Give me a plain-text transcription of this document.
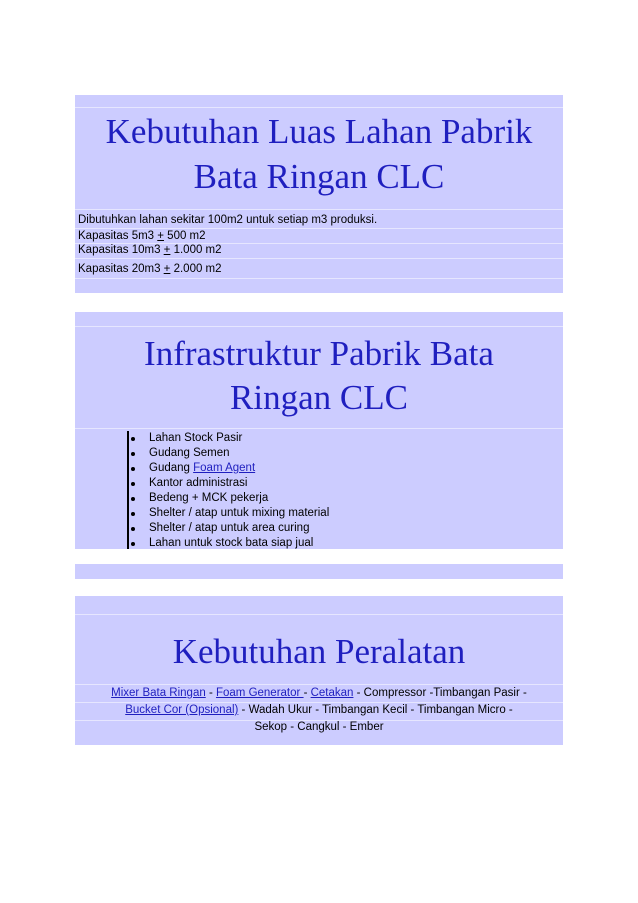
Kebutuhan Luas Lahan Pabrik
Bata Ringan CLC
Dibutuhkan lahan sekitar 100m2 untuk setiap m3 produksi.
Kapasitas 5m3 + 500 m2
Kapasitas 10m3 + 1.000 m2
Kapasitas 20m3 + 2.000 m2
Infrastruktur Pabrik Bata
Ringan CLC
Lahan Stock Pasir
Gudang Semen
Gudang Foam Agent
Kantor administrasi
Bedeng + MCK pekerja
Shelter / atap untuk mixing material
Shelter / atap untuk area curing
Lahan untuk stock bata siap jual
Kebutuhan Peralatan
Mixer Bata Ringan - Foam Generator - Cetakan - Compressor -Timbangan Pasir -
Bucket Cor (Opsional) - Wadah Ukur - Timbangan Kecil - Timbangan Micro -
Sekop - Cangkul - Ember
